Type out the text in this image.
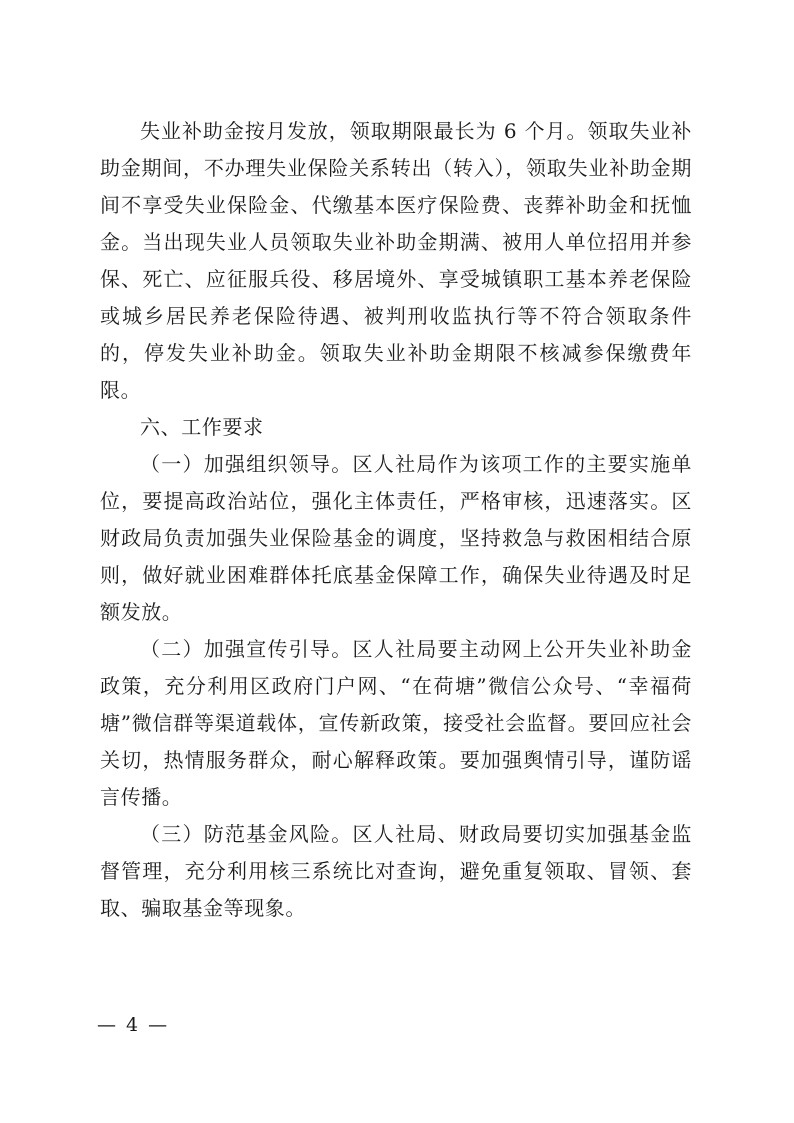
失业补助金按月发放，领取期限最长为 6 个月。领取失业补助金期间，不办理失业保险关系转出（转入），领取失业补助金期间不享受失业保险金、代缴基本医疗保险费、丧葬补助金和抚恤金。当出现失业人员领取失业补助金期满、被用人单位招用并参保、死亡、应征服兵役、移居境外、享受城镇职工基本养老保险或城乡居民养老保险待遇、被判刑收监执行等不符合领取条件的，停发失业补助金。领取失业补助金期限不核减参保缴费年限。

六、工作要求

（一）加强组织领导。区人社局作为该项工作的主要实施单位，要提高政治站位，强化主体责任，严格审核，迅速落实。区财政局负责加强失业保险基金的调度，坚持救急与救困相结合原则，做好就业困难群体托底基金保障工作，确保失业待遇及时足额发放。

（二）加强宣传引导。区人社局要主动网上公开失业补助金政策，充分利用区政府门户网、“在荷塘”微信公众号、“幸福荷塘”微信群等渠道载体，宣传新政策，接受社会监督。要回应社会关切，热情服务群众，耐心解释政策。要加强舆情引导，谨防谣言传播。

（三）防范基金风险。区人社局、财政局要切实加强基金监督管理，充分利用核三系统比对查询，避免重复领取、冒领、套取、骗取基金等现象。

— 4 —
